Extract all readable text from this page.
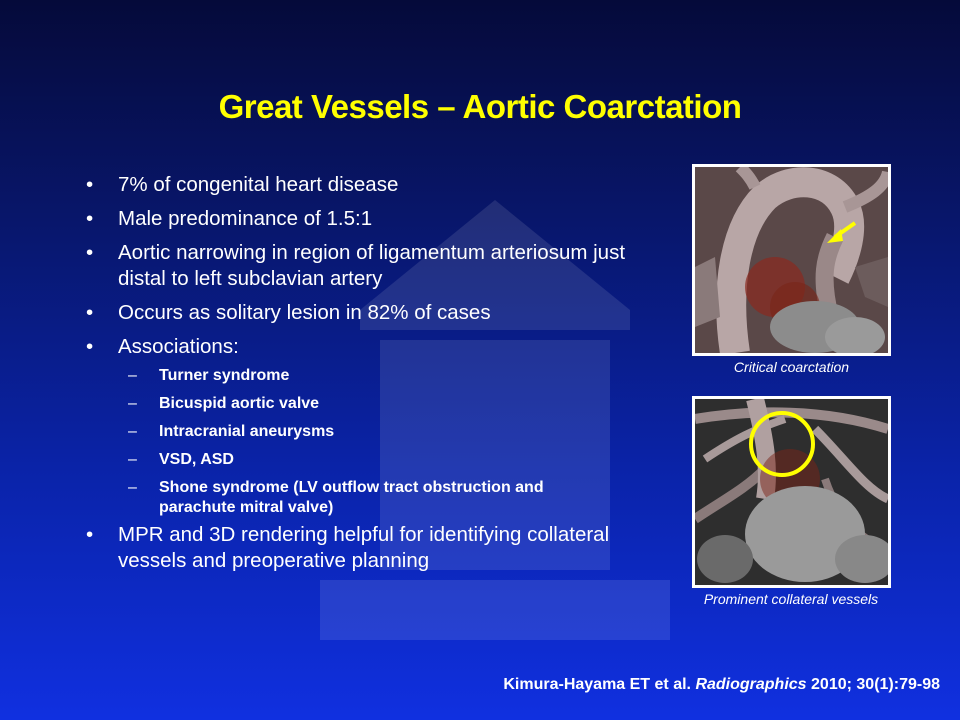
Great Vessels – Aortic Coarctation
• 7% of congenital heart disease
• Male predominance of 1.5:1
• Aortic narrowing in region of ligamentum arteriosum just distal to left subclavian artery
• Occurs as solitary lesion in 82% of cases
• Associations:
– Turner syndrome
– Bicuspid aortic valve
– Intracranial aneurysms
– VSD, ASD
– Shone syndrome (LV outflow tract obstruction and parachute mitral valve)
• MPR and 3D rendering helpful for identifying collateral vessels and preoperative planning
Critical coarctation
Prominent collateral vessels
Kimura-Hayama ET et al. Radiographics 2010; 30(1):79-98
